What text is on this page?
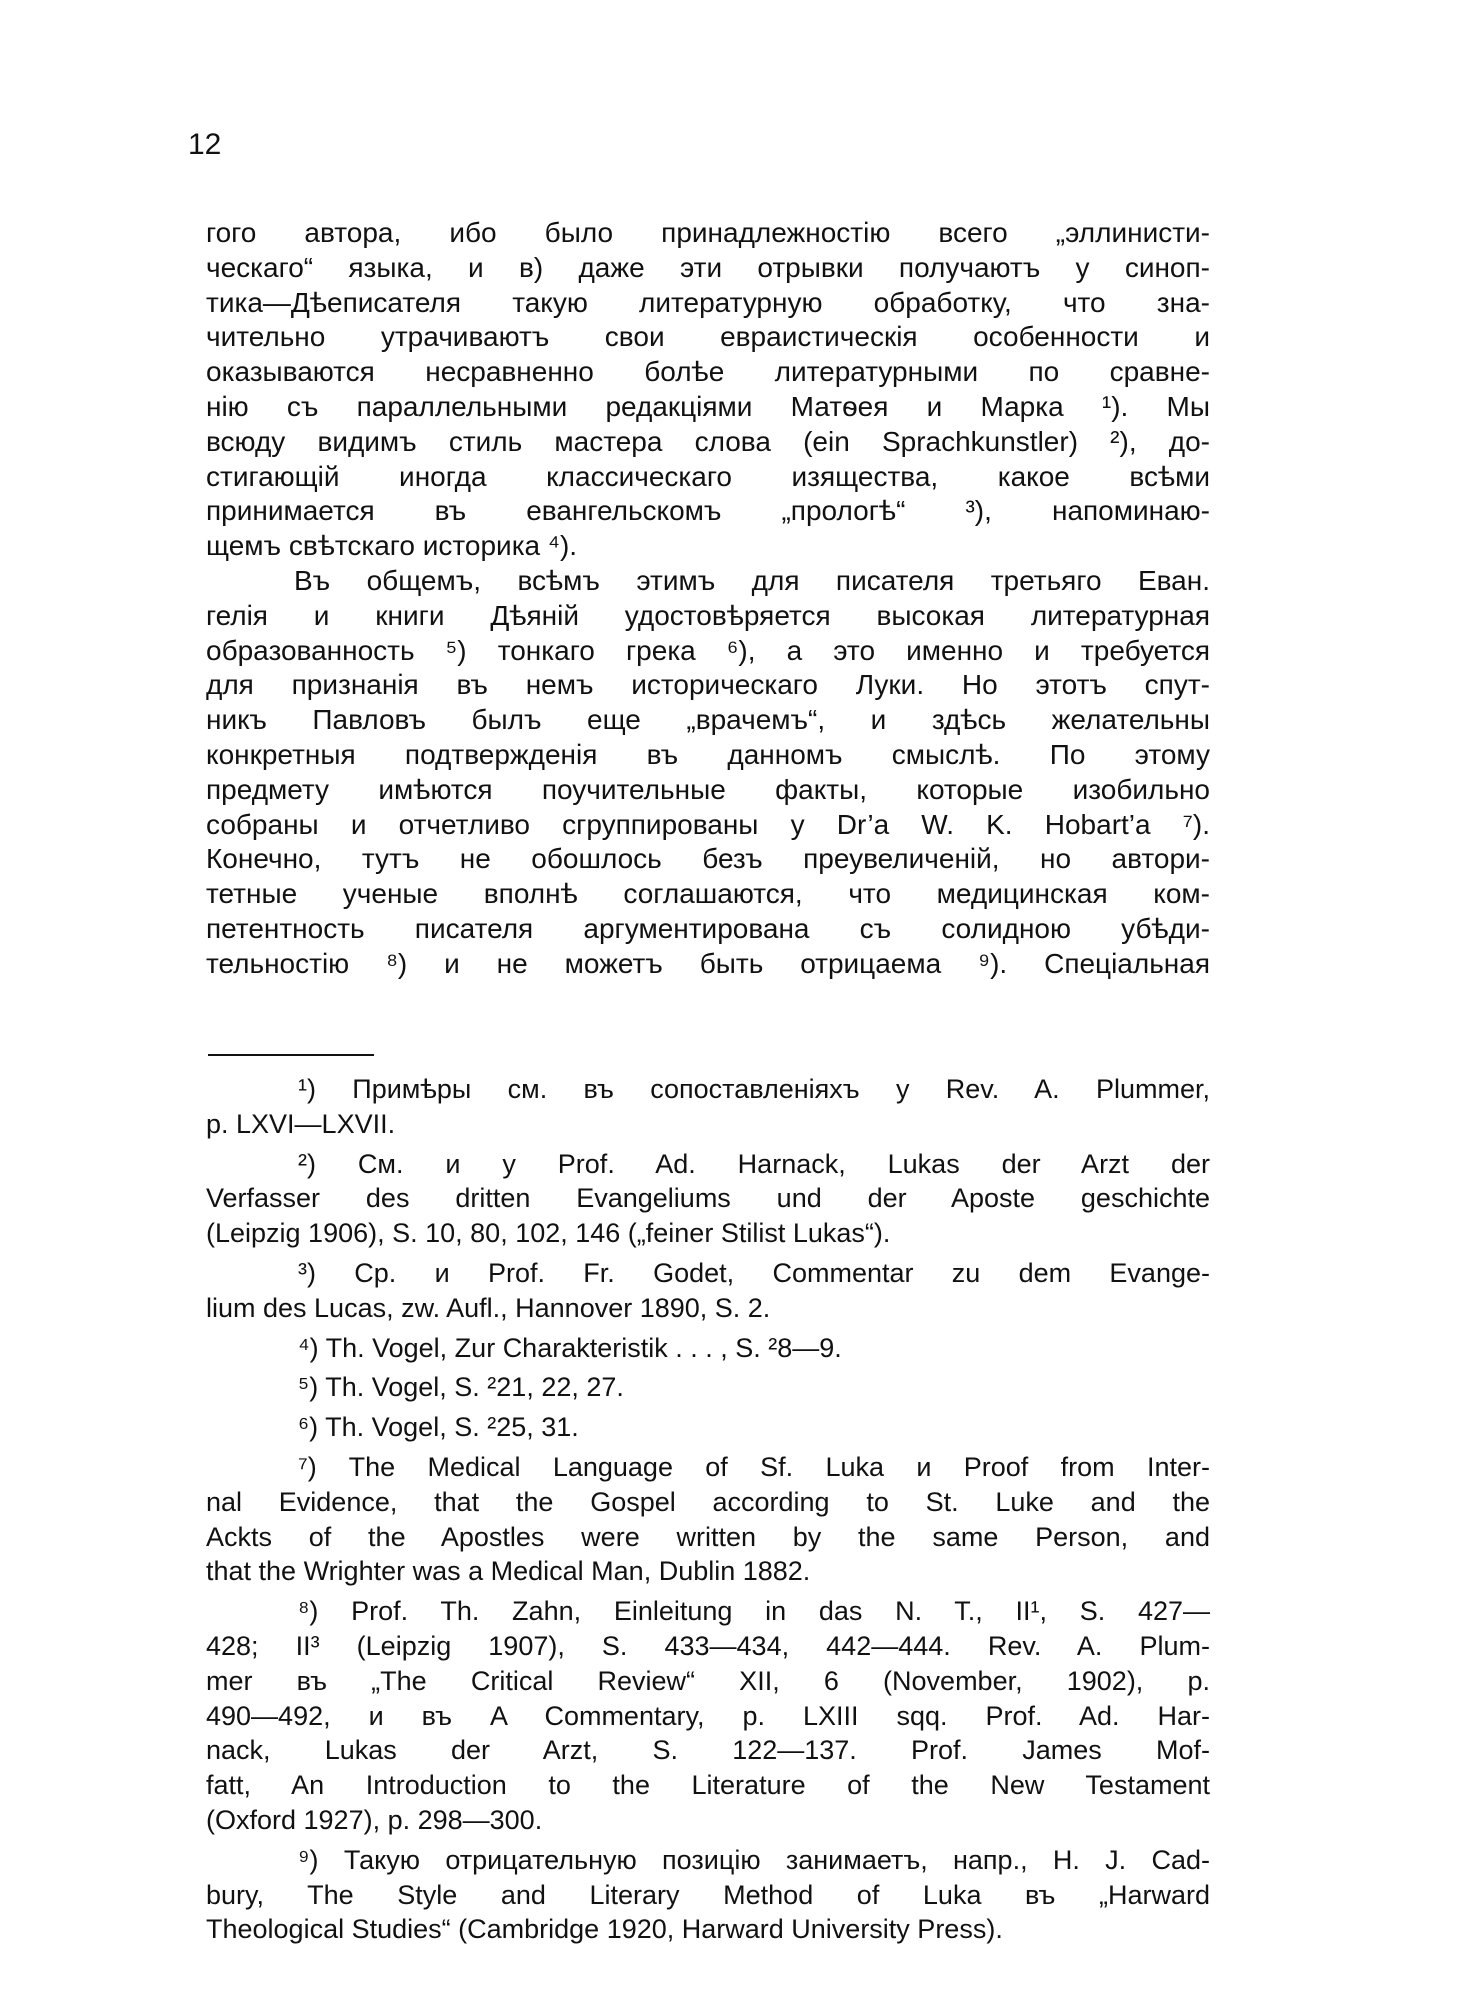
12
гого автора, ибо было принадлежностію всего „эллинисти-
ческаго“ языка, и в) даже эти отрывки получаютъ у синоп-
тика—Дѣеписателя такую литературную обработку, что зна-
чительно утрачиваютъ свои евраистическія особенности и
оказываются несравненно болѣе литературными по сравне-
нію съ параллельными редакціями Матѳея и Марка ¹). Мы
всюду видимъ стиль мастера слова (ein Sprachkunstler) ²), до-
стигающій иногда классическаго изящества, какое всѣми
принимается въ евангельскомъ „прологѣ“ ³), напоминаю-
щемъ свѣтскаго историка ⁴).
Въ общемъ, всѣмъ этимъ для писателя третьяго Еван.
гелія и книги Дѣяній удостовѣряется высокая литературная
образованность ⁵) тонкаго грека ⁶), а это именно и требуется
для признанія въ немъ историческаго Луки. Но этотъ спут-
никъ Павловъ былъ еще „врачемъ“, и здѣсь желательны
конкретныя подтвержденія въ данномъ смыслѣ. По этому
предмету имѣются поучительные факты, которые изобильно
собраны и отчетливо сгруппированы у Dr’a W. K. Hobart’a ⁷).
Конечно, тутъ не обошлось безъ преувеличеній, но автори-
тетные ученые вполнѣ соглашаются, что медицинская ком-
петентность писателя аргументирована съ солидною убѣди-
тельностію ⁸) и не можетъ быть отрицаема ⁹). Спеціальная
¹) Примѣры см. въ сопоставленіяхъ у Rev. A. Plummer,
p. LXVI—LXVII.
²) См. и у Prof. Ad. Harnack, Lukas der Arzt der
Verfasser des dritten Evangeliums und der Aposte geschichte
(Leipzig 1906), S. 10, 80, 102, 146 („feiner Stilist Lukas“).
³) Ср. и Prof. Fr. Godet, Commentar zu dem Evange-
lium des Lucas, zw. Aufl., Hannover 1890, S. 2.
⁴) Th. Vogel, Zur Charakteristik . . . , S. ²8—9.
⁵) Th. Vogel, S. ²21, 22, 27.
⁶) Th. Vogel, S. ²25, 31.
⁷) The Medical Language of Sf. Luka и Proof from Inter-
nal Evidence, that the Gospel according to St. Luke and the
Ackts of the Apostles were written by the same Person, and
that the Wrighter was a Medical Man, Dublin 1882.
⁸) Prof. Th. Zahn, Einleitung in das N. T., II¹, S. 427—
428; II³ (Leipzig 1907), S. 433—434, 442—444. Rev. A. Plum-
mer въ „The Critical Review“ XII, 6 (November, 1902), p.
490—492, и въ A Commentary, p. LXIII sqq. Prof. Ad. Har-
nack, Lukas der Arzt, S. 122—137. Prof. James Mof-
fatt, An Introduction to the Literature of the New Testament
(Oxford 1927), p. 298—300.
⁹) Такую отрицательную позицію занимаетъ, напр., H. J. Cad-
bury, The Style and Literary Method of Luka въ „Harward
Theological Studies“ (Cambridge 1920, Harward University Press).
